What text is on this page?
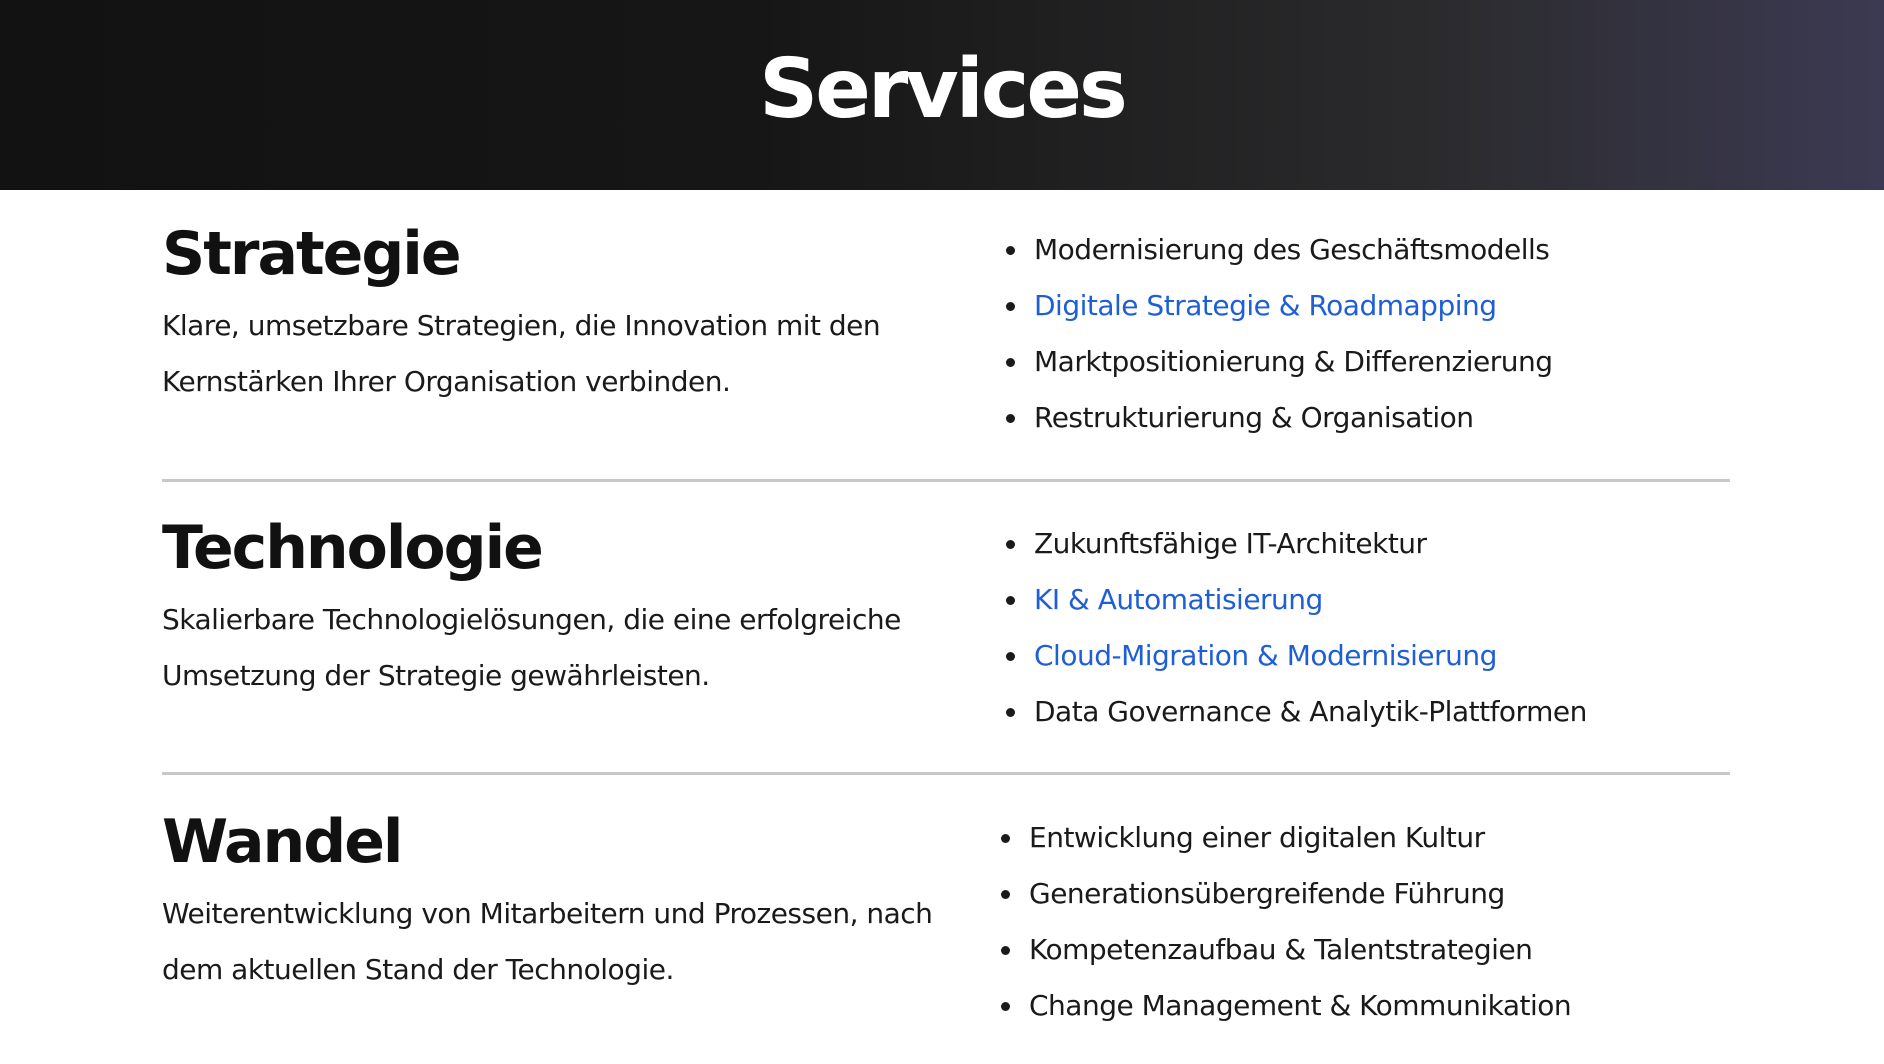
Services
Strategie

Klare, umsetzbare Strategien, die Innovation mit den Kernstärken Ihrer Organisation verbinden.

Modernisierung des Geschäftsmodells
Digitale Strategie & Roadmapping
Marktpositionierung & Differenzierung
Restrukturierung & Organisation
Technologie

Skalierbare Technologielösungen, die eine erfolgreiche Umsetzung der Strategie gewährleisten.

Zukunftsfähige IT-Architektur
KI & Automatisierung
Cloud-Migration & Modernisierung
Data Governance & Analytik-Plattformen
Wandel

Weiterentwicklung von Mitarbeitern und Prozessen, nach dem aktuellen Stand der Technologie.

Entwicklung einer digitalen Kultur
Generationsübergreifende Führung
Kompetenzaufbau & Talentstrategien
Change Management & Kommunikation
